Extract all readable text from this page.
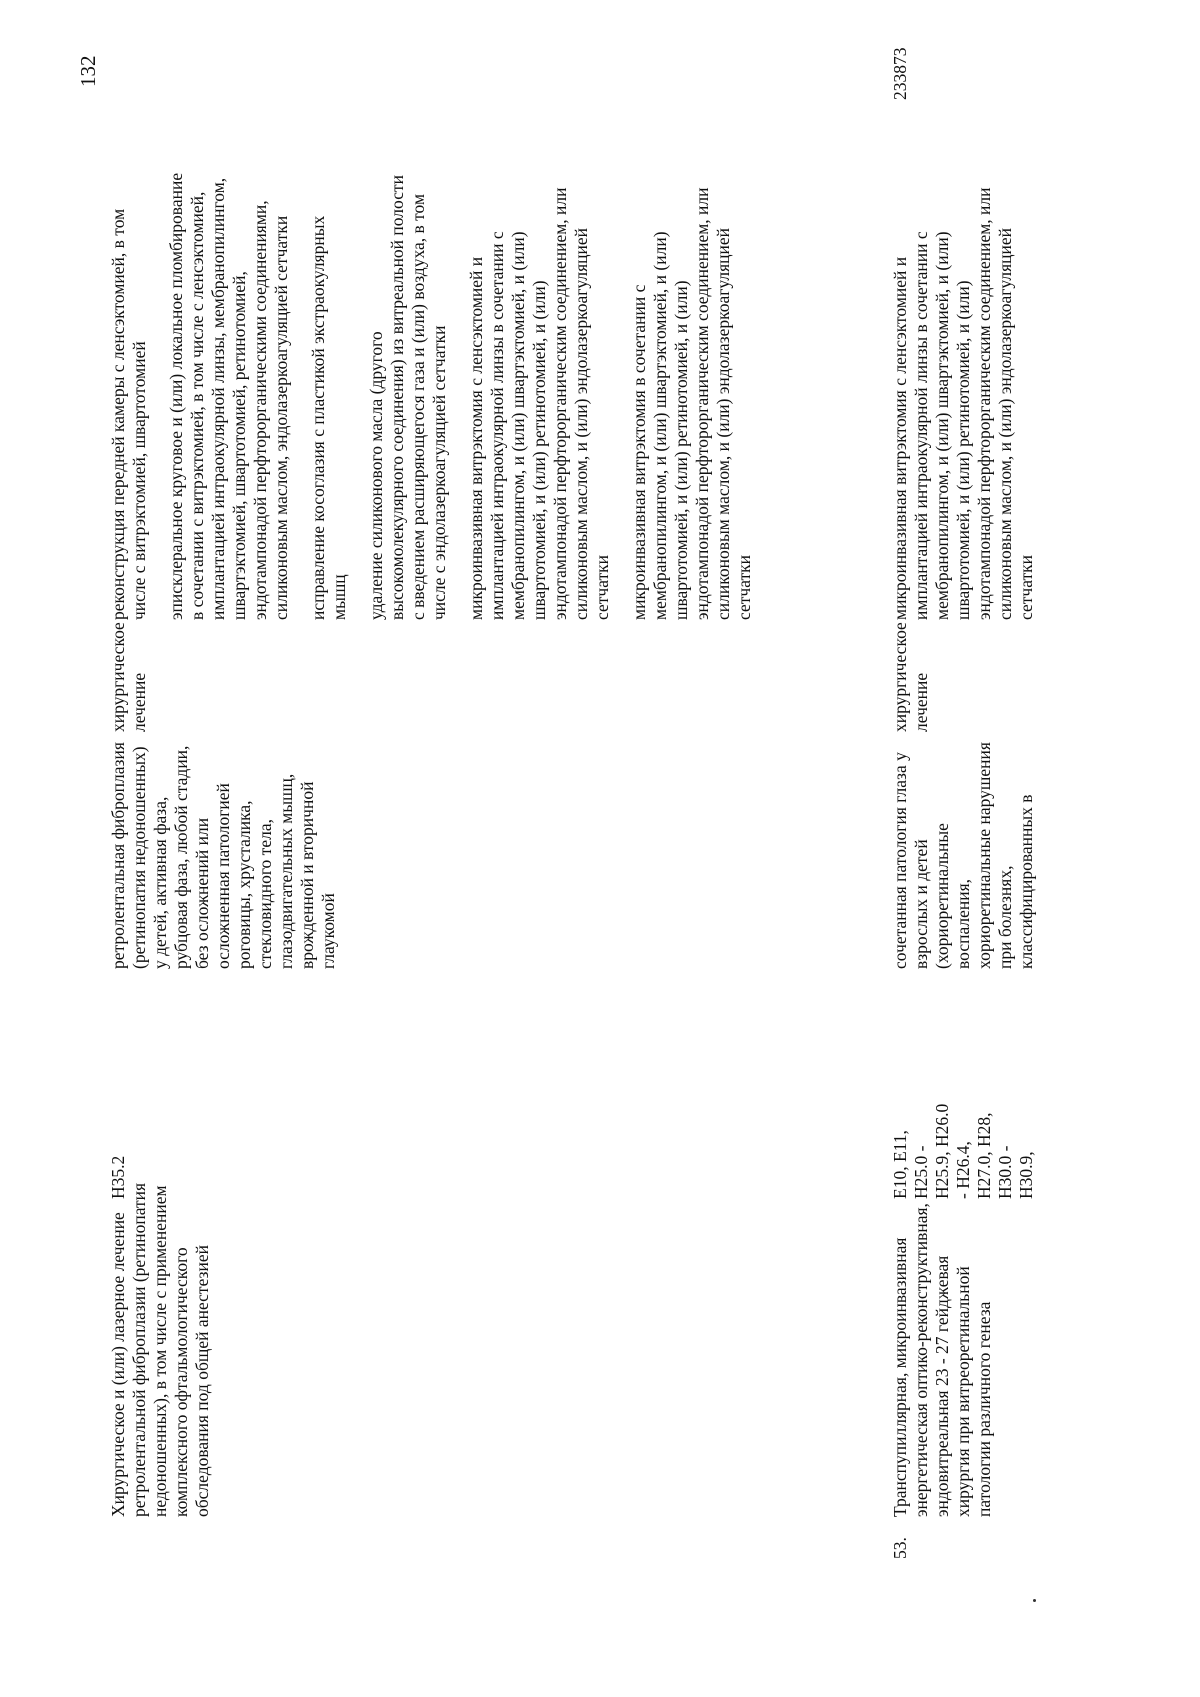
132
Хирургическое и (или) лазерное лечение ретролентальной фиброплазии (ретинопатия недоношенных), в том числе с применением комплексного офтальмологического обследования под общей анестезией
H35.2
ретролентальная фиброплазия (ретинопатия недоношенных) у детей, активная фаза, рубцовая фаза, любой стадии, без осложнений или осложненная патологией роговицы, хрусталика, стекловидного тела, глазодвигательных мышц, врожденной и вторичной глаукомой
хирургическое лечение

реконструкция передней камеры с ленсэктомией, в том числе с витрэктомией, швартотомией эписклеральное круговое и (или) локальное пломбирование в сочетании с витрэктомией, в том числе с ленсэктомией, имплантацией интраокулярной линзы, мембранопилингом, швартэктомией, швартотомией, ретинотомией, эндотампонадой перфторорганическими соединениями, силиконовым маслом, эндолазеркоагуляцией сетчатки исправление косоглазия с пластикой экстраокулярных мышц удаление силиконового масла (другого высокомолекулярного соединения) из витреальной полости с введением расширяющегося газа и (или) воздуха, в том числе с эндолазеркоагуляцией сетчатки микроинвазивная витрэктомия с ленсэктомией и имплантацией интраокулярной линзы в сочетании с мембранопилингом, и (или) швартэктомией, и (или) швартотомией, и (или) ретинотомией, и (или) эндотампонадой перфторорганическим соединением, или силиконовым маслом, и (или) эндолазеркоагуляцией сетчатки микроинвазивная витрэктомия в сочетании с мембранопилингом, и (или) швартэктомией, и (или) швартотомией, и (или) ретинотомией, и (или) эндотампонадой перфторорганическим соединением, или силиконовым маслом, и (или) эндолазеркоагуляцией сетчатки

53.
Транспупиллярная, микроинвазивная энергетическая оптико-реконструктивная, эндовитреальная 23 - 27 гейджевая хирургия при витреоретинальной патологии различного генеза
E10, E11, H25.0 - H25.9, H26.0 - H26.4, H27.0, H28, H30.0 - H30.9,
сочетанная патология глаза у взрослых и детей (хориоретинальные воспаления, хориоретинальные нарушения при болезнях, классифицированных в
хирургическое лечение
микроинвазивная витрэктомия с ленсэктомией и имплантацией интраокулярной линзы в сочетании с мембранопилингом, и (или) швартэктомией, и (или) швартотомией, и (или) ретинотомией, и (или) эндотампонадой перфторорганическим соединением, или силиконовым маслом, и (или) эндолазеркоагуляцией сетчатки
233873
